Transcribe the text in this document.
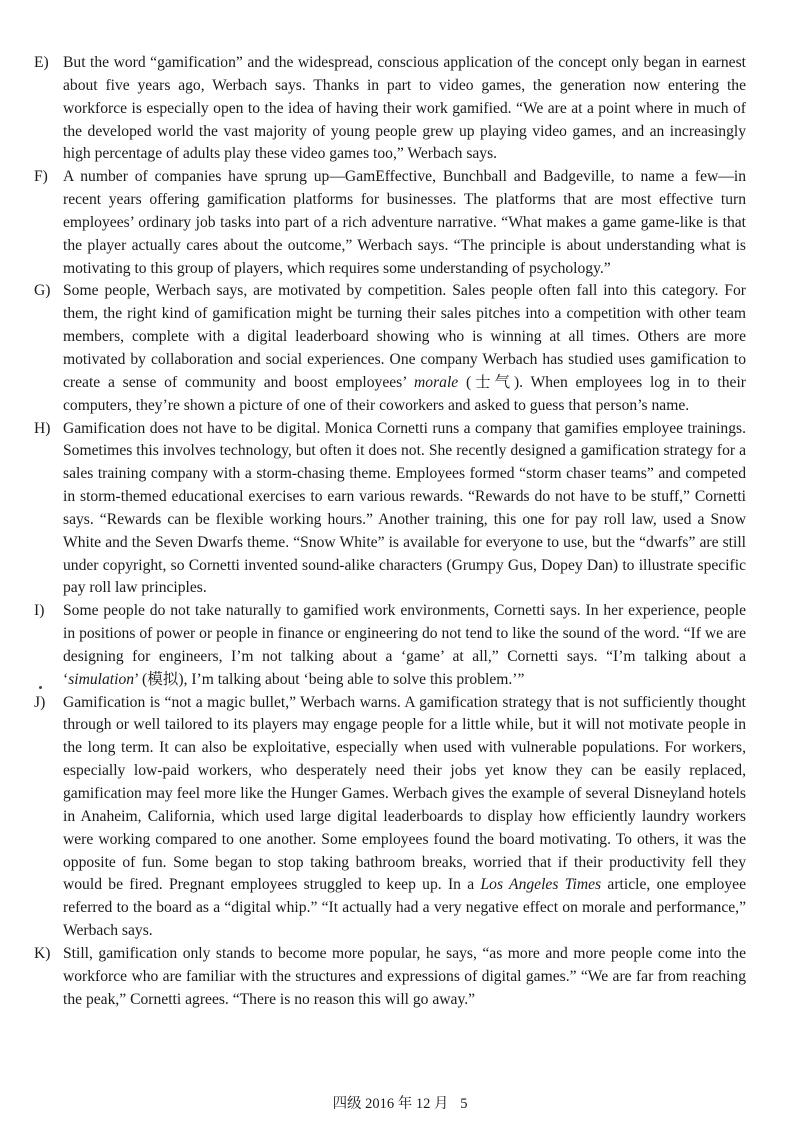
E) But the word “gamification” and the widespread, conscious application of the concept only began in earnest about five years ago, Werbach says. Thanks in part to video games, the generation now entering the workforce is especially open to the idea of having their work gamified. “We are at a point where in much of the developed world the vast majority of young people grew up playing video games, and an increasingly high percentage of adults play these video games too,” Werbach says.

F) A number of companies have sprung up—GamEffective, Bunchball and Badgeville, to name a few—in recent years offering gamification platforms for businesses. The platforms that are most effective turn employees’ ordinary job tasks into part of a rich adventure narrative. “What makes a game game-like is that the player actually cares about the outcome,” Werbach says. “The principle is about understanding what is motivating to this group of players, which requires some understanding of psychology.”

G) Some people, Werbach says, are motivated by competition. Sales people often fall into this category. For them, the right kind of gamification might be turning their sales pitches into a competition with other team members, complete with a digital leaderboard showing who is winning at all times. Others are more motivated by collaboration and social experiences. One company Werbach has studied uses gamification to create a sense of community and boost employees’ morale (士气). When employees log in to their computers, they’re shown a picture of one of their coworkers and asked to guess that person’s name.

H) Gamification does not have to be digital. Monica Cornetti runs a company that gamifies employee trainings. Sometimes this involves technology, but often it does not. She recently designed a gamification strategy for a sales training company with a storm-chasing theme. Employees formed “storm chaser teams” and competed in storm-themed educational exercises to earn various rewards. “Rewards do not have to be stuff,” Cornetti says. “Rewards can be flexible working hours.” Another training, this one for pay roll law, used a Snow White and the Seven Dwarfs theme. “Snow White” is available for everyone to use, but the “dwarfs” are still under copyright, so Cornetti invented sound-alike characters (Grumpy Gus, Dopey Dan) to illustrate specific pay roll law principles.

I) Some people do not take naturally to gamified work environments, Cornetti says. In her experience, people in positions of power or people in finance or engineering do not tend to like the sound of the word. “If we are designing for engineers, I’m not talking about a ‘game’ at all,” Cornetti says. “I’m talking about a ‘simulation’ (模拟), I’m talking about ‘being able to solve this problem.’”

J) Gamification is “not a magic bullet,” Werbach warns. A gamification strategy that is not sufficiently thought through or well tailored to its players may engage people for a little while, but it will not motivate people in the long term. It can also be exploitative, especially when used with vulnerable populations. For workers, especially low-paid workers, who desperately need their jobs yet know they can be easily replaced, gamification may feel more like the Hunger Games. Werbach gives the example of several Disneyland hotels in Anaheim, California, which used large digital leaderboards to display how efficiently laundry workers were working compared to one another. Some employees found the board motivating. To others, it was the opposite of fun. Some began to stop taking bathroom breaks, worried that if their productivity fell they would be fired. Pregnant employees struggled to keep up. In a Los Angeles Times article, one employee referred to the board as a “digital whip.” “It actually had a very negative effect on morale and performance,” Werbach says.

K) Still, gamification only stands to become more popular, he says, “as more and more people come into the workforce who are familiar with the structures and expressions of digital games.” “We are far from reaching the peak,” Cornetti agrees. “There is no reason this will go away.”

四级 2016 年 12 月 5
